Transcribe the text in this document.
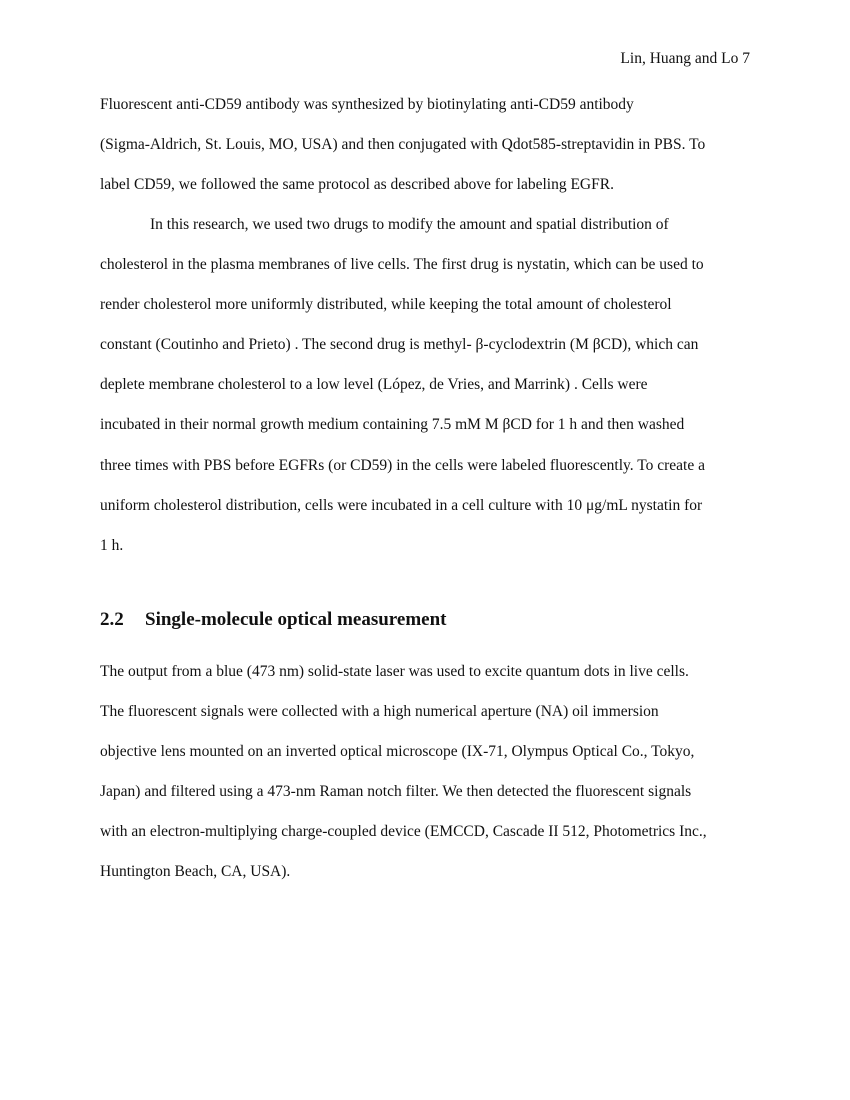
Lin, Huang and Lo 7

Fluorescent anti-CD59 antibody was synthesized by biotinylating anti-CD59 antibody
(Sigma-Aldrich, St. Louis, MO, USA) and then conjugated with Qdot585-streptavidin in PBS. To
label CD59, we followed the same protocol as described above for labeling EGFR.

In this research, we used two drugs to modify the amount and spatial distribution of
cholesterol in the plasma membranes of live cells. The first drug is nystatin, which can be used to
render cholesterol more uniformly distributed, while keeping the total amount of cholesterol
constant (Coutinho and Prieto) . The second drug is methyl- β-cyclodextrin (M βCD), which can
deplete membrane cholesterol to a low level (López, de Vries, and Marrink) . Cells were
incubated in their normal growth medium containing 7.5 mM M βCD for 1 h and then washed
three times with PBS before EGFRs (or CD59) in the cells were labeled fluorescently. To create a
uniform cholesterol distribution, cells were incubated in a cell culture with 10 μg/mL nystatin for
1 h.

2.2 Single-molecule optical measurement

The output from a blue (473 nm) solid-state laser was used to excite quantum dots in live cells.
The fluorescent signals were collected with a high numerical aperture (NA) oil immersion
objective lens mounted on an inverted optical microscope (IX-71, Olympus Optical Co., Tokyo,
Japan) and filtered using a 473-nm Raman notch filter. We then detected the fluorescent signals
with an electron-multiplying charge-coupled device (EMCCD, Cascade II 512, Photometrics Inc.,
Huntington Beach, CA, USA).
